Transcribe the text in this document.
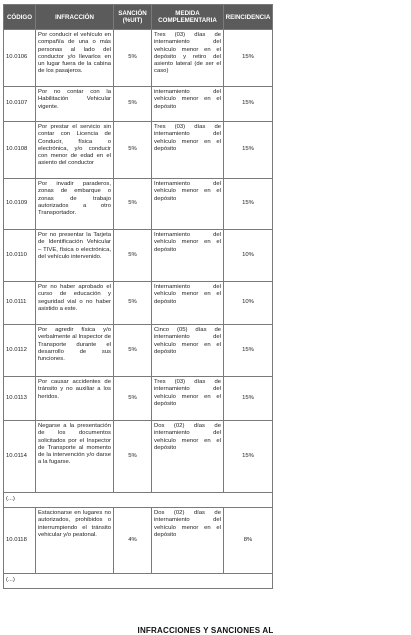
CÓDIGO	INFRACCIÓN	SANCIÓN (%UIT)	MEDIDA COMPLEMENTARIA	REINCIDENCIA
10.0106	Por conducir el vehículo en compañía de una o más personas al lado del conductor y/o llevarlos en un lugar fuera de la cabina de los pasajeros.	5%	Tres (03) días de internamiento del vehículo menor en el depósito y retiro del asiento lateral (de ser el caso)	15%
10.0107	Por no contar con la Habilitación Vehicular vigente.	5%	internamiento del vehículo menor en el depósito	15%
10.0108	Por prestar el servicio sin contar con Licencia de Conducir, física o electrónica, y/o conducir con menor de edad en el asiento del conductor	5%	Tres (03) días de internamiento del vehículo menor en el depósito	15%
10.0109	Por invadir paraderos, zonas de embarque o zonas de trabajo autorizados a otro Transportador.	5%	Internamiento del vehículo menor en el depósito	15%
10.0110	Por no presentar la Tarjeta de Identificación Vehicular – TIVE, física o electrónica, del vehículo intervenido.	5%	Internamiento del vehículo menor en el depósito	10%
10.0111	Por no haber aprobado el curso de educación y seguridad vial o no haber asistido a este.	5%	Internamiento del vehículo menor en el depósito	10%
10.0112	Por agredir física y/o verbalmente al Inspector de Transporte durante el desarrollo de sus funciones.	5%	Cinco (05) días de internamiento del vehículo menor en el depósito	15%
10.0113	Por causar accidentes de tránsito y no auxiliar a los heridos.	5%	Tres (03) días de internamiento del vehículo menor en el depósito	15%
10.0114	Negarse a la presentación de los documentos solicitados por el Inspector de Transporte al momento de la intervención y/o darse a la fugarse.	5%	Dos (02) días de internamiento del vehículo menor en el depósito	15%
(...)				
10.0118	Estacionarse en lugares no autorizados, prohibidos o interrumpiendo el tránsito vehicular y/o peatonal.	4%	Dos (02) días de internamiento del vehículo menor en el depósito	8%
(...)				
INFRACCIONES Y SANCIONES AL
